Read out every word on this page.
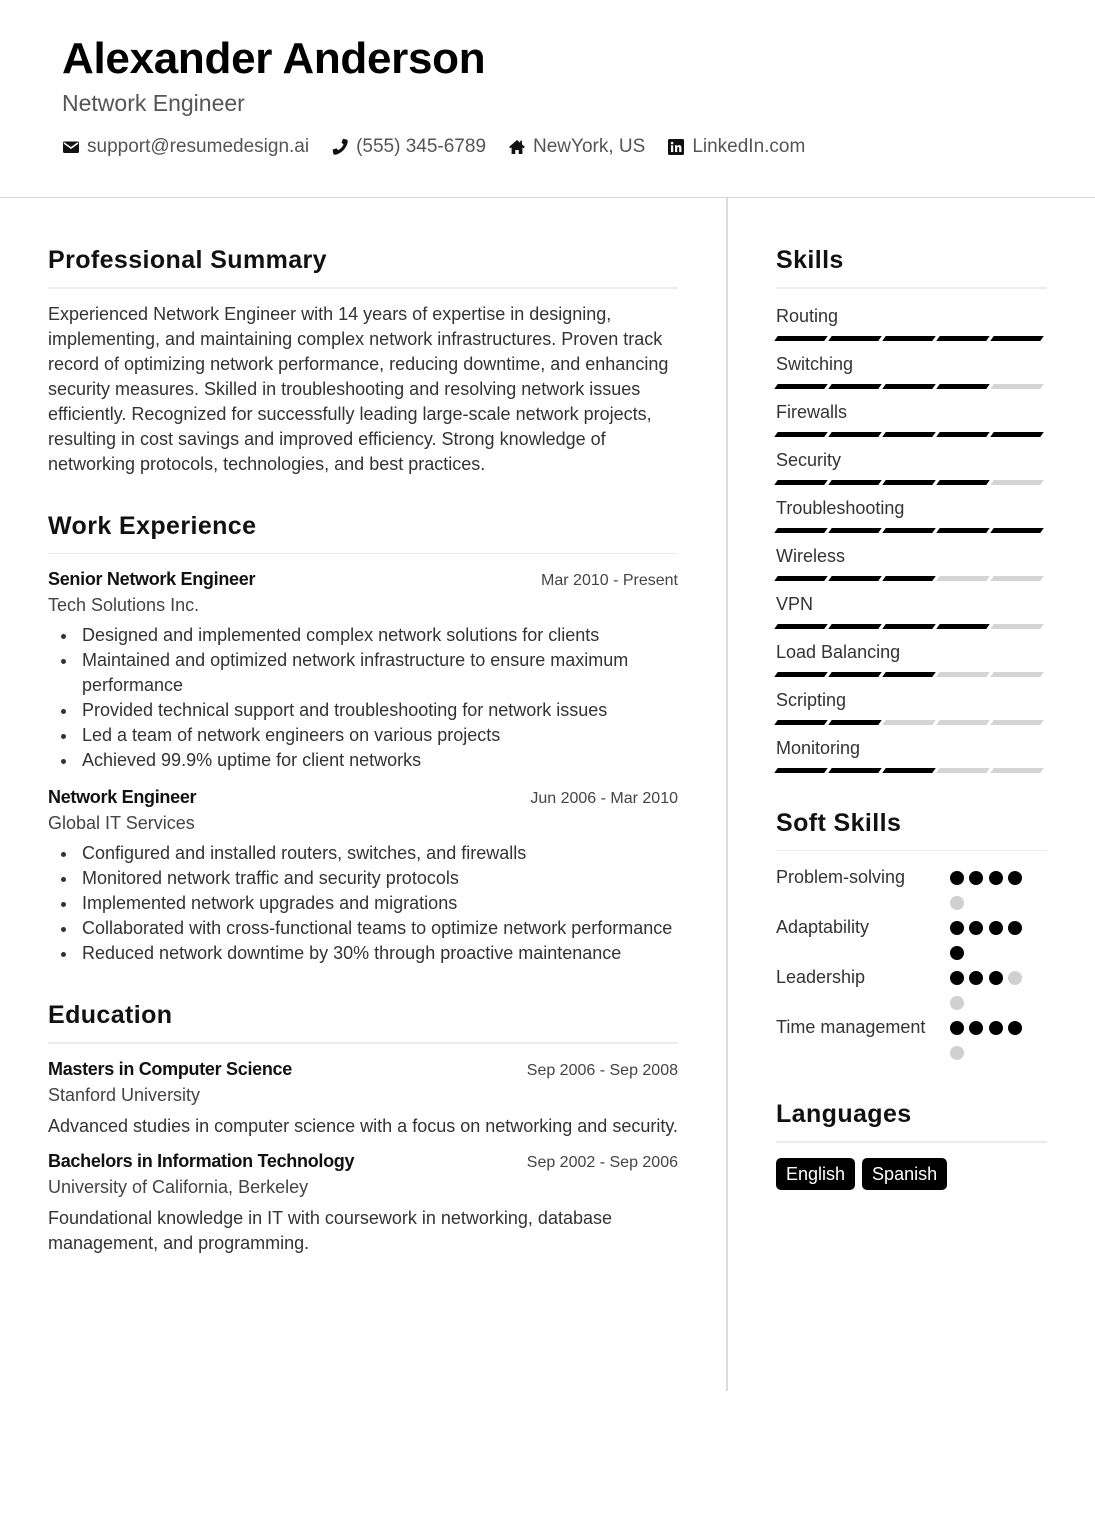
Alexander Anderson
Network Engineer
support@resumedesign.ai (555) 345-6789 NewYork, US LinkedIn.com
Professional Summary

Experienced Network Engineer with 14 years of expertise in designing, implementing, and maintaining complex network infrastructures. Proven track record of optimizing network performance, reducing downtime, and enhancing security measures. Skilled in troubleshooting and resolving network issues efficiently. Recognized for successfully leading large-scale network projects, resulting in cost savings and improved efficiency. Strong knowledge of networking protocols, technologies, and best practices.

Work Experience
Senior Network Engineer	Mar 2010 - Present
Tech Solutions Inc.
Designed and implemented complex network solutions for clients
Maintained and optimized network infrastructure to ensure maximum performance
Provided technical support and troubleshooting for network issues
Led a team of network engineers on various projects
Achieved 99.9% uptime for client networks
Network Engineer	Jun 2006 - Mar 2010
Global IT Services
Configured and installed routers, switches, and firewalls
Monitored network traffic and security protocols
Implemented network upgrades and migrations
Collaborated with cross-functional teams to optimize network performance
Reduced network downtime by 30% through proactive maintenance
Education
Masters in Computer Science	Sep 2006 - Sep 2008
Stanford University

Advanced studies in computer science with a focus on networking and security.

Bachelors in Information Technology	Sep 2002 - Sep 2006
University of California, Berkeley

Foundational knowledge in IT with coursework in networking, database management, and programming.

Skills
Routing
Switching
Firewalls
Security
Troubleshooting
Wireless
VPN
Load Balancing
Scripting
Monitoring
Soft Skills
Problem-solving
Adaptability
Leadership
Time management
Languages
English	Spanish
